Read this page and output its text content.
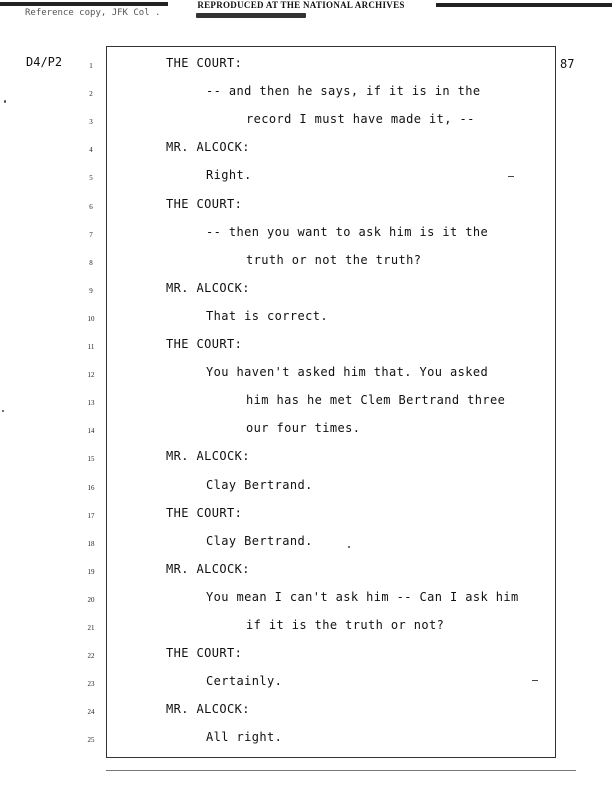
REPRODUCED AT THE NATIONAL ARCHIVES
Reference copy, JFK Col .
D4/P2	87
1	THE COURT:
2	-- and then he says, if it is in the
3	record I must have made it, --
4	MR. ALCOCK:
5	Right.
6	THE COURT:
7	-- then you want to ask him is it the
8	truth or not the truth?
9	MR. ALCOCK:
10	That is correct.
11	THE COURT:
12	You haven't asked him that. You asked
13	him has he met Clem Bertrand three
14	our four times.
15	MR. ALCOCK:
16	Clay Bertrand.
17	THE COURT:
18	Clay Bertrand.
19	MR. ALCOCK:
20	You mean I can't ask him -- Can I ask him
21	if it is the truth or not?
22	THE COURT:
23	Certainly.
24	MR. ALCOCK:
25	All right.
